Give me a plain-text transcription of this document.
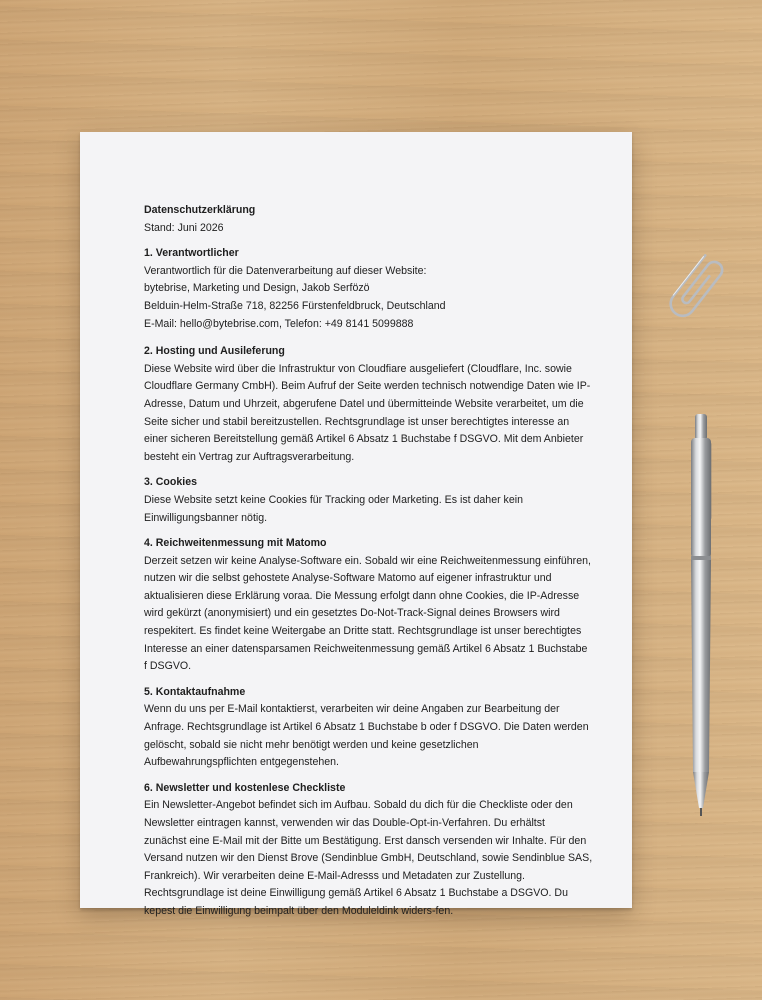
Datenschutzerklärung

Stand: Juni 2026

1. Verantwortlicher

Verantwortlich für die Datenverarbeitung auf dieser Website:

bytebrise, Marketing und Design, Jakob Serfözö

Belduin-Helm-Straße 718, 82256 Fürstenfeldbruck, Deutschland

E-Mail: hello@bytebrise.com, Telefon: +49 8141 5099888

2. Hosting und Ausileferung

Diese Website wird über die Infrastruktur von Cloudfiare ausgeliefert (Cloudflare, Inc. sowie

Cloudflare Germany CmbH). Beim Aufruf der Seite werden technisch notwendige Daten wie IP-

Adresse, Datum und Uhrzeit, abgerufene Datel und übermitteinde Website verarbeitet, um die

Seite sicher und stabil bereitzustellen. Rechtsgrundlage ist unser berechtigtes interesse an

einer sicheren Bereitstellung gemäß Artikel 6 Absatz 1 Buchstabe f DSGVO. Mit dem Anbieter

besteht ein Vertrag zur Auftragsverarbeitung.

3. Cookies

Diese Website setzt keine Cookies für Tracking oder Marketing. Es ist daher kein

Einwilligungsbanner nötig.

4. Reichweitenmessung mit Matomo

Derzeit setzen wir keine Analyse-Software ein. Sobald wir eine Reichweitenmessung einführen,

nutzen wir die selbst gehostete Analyse-Software Matomo auf eigener infrastruktur und

aktualisieren diese Erklärung voraa. Die Messung erfolgt dann ohne Cookies, die IP-Adresse

wird gekürzt (anonymisiert) und ein gesetztes Do-Not-Track-Signal deines Browsers wird

respekitert. Es findet keine Weitergabe an Dritte statt. Rechtsgrundlage ist unser berechtigtes

Interesse an einer datensparsamen Reichweitenmessung gemäß Artikel 6 Absatz 1 Buchstabe

f DSGVO.

5. Kontaktaufnahme

Wenn du uns per E-Mail kontaktierst, verarbeiten wir deine Angaben zur Bearbeitung der

Anfrage. Rechtsgrundlage ist Artikel 6 Absatz 1 Buchstabe b oder f DSGVO. Die Daten werden

gelöscht, sobald sie nicht mehr benötigt werden und keine gesetzlichen

Aufbewahrungspflichten entgegenstehen.

6. Newsletter und kostenlese Checkliste

Ein Newsletter-Angebot befindet sich im Aufbau. Sobald du dich für die Checkliste oder den

Newsletter eintragen kannst, verwenden wir das Double-Opt-in-Verfahren. Du erhältst

zunächst eine E-Mail mit der Bitte um Bestätigung. Erst dansch versenden wir Inhalte. Für den

Versand nutzen wir den Dienst Brove (Sendinblue GmbH, Deutschland, sowie Sendinblue SAS,

Frankreich). Wir verarbeiten deine E-Mail-Adresss und Metadaten zur Zustellung.

Rechtsgrundlage ist deine Einwilligung gemäß Artikel 6 Absatz 1 Buchstabe a DSGVO. Du

kepest die Einwilligung beimpalt über den Moduleldink widers-fen.
